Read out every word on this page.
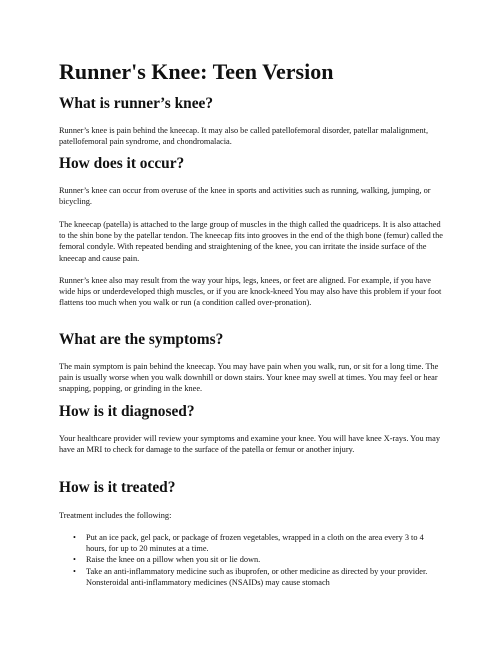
Runner's Knee: Teen Version
What is runner’s knee?

Runner’s knee is pain behind the kneecap. It may also be called patellofemoral disorder, patellar malalignment, patellofemoral pain syndrome, and chondromalacia.

How does it occur?

Runner’s knee can occur from overuse of the knee in sports and activities such as running, walking, jumping, or bicycling.

The kneecap (patella) is attached to the large group of muscles in the thigh called the quadriceps. It is also attached to the shin bone by the patellar tendon. The kneecap fits into grooves in the end of the thigh bone (femur) called the femoral condyle. With repeated bending and straightening of the knee, you can irritate the inside surface of the kneecap and cause pain.

Runner’s knee also may result from the way your hips, legs, knees, or feet are aligned. For example, if you have wide hips or underdeveloped thigh muscles, or if you are knock-kneed You may also have this problem if your foot flattens too much when you walk or run (a condition called over-pronation).

What are the symptoms?

The main symptom is pain behind the kneecap. You may have pain when you walk, run, or sit for a long time. The pain is usually worse when you walk downhill or down stairs. Your knee may swell at times. You may feel or hear snapping, popping, or grinding in the knee.

How is it diagnosed?

Your healthcare provider will review your symptoms and examine your knee. You will have knee X-rays. You may have an MRI to check for damage to the surface of the patella or femur or another injury.

How is it treated?

Treatment includes the following:

• Put an ice pack, gel pack, or package of frozen vegetables, wrapped in a cloth on the area every 3 to 4 hours, for up to 20 minutes at a time.
• Raise the knee on a pillow when you sit or lie down.
• Take an anti-inflammatory medicine such as ibuprofen, or other medicine as directed by your provider. Nonsteroidal anti-inflammatory medicines (NSAIDs) may cause stomach
